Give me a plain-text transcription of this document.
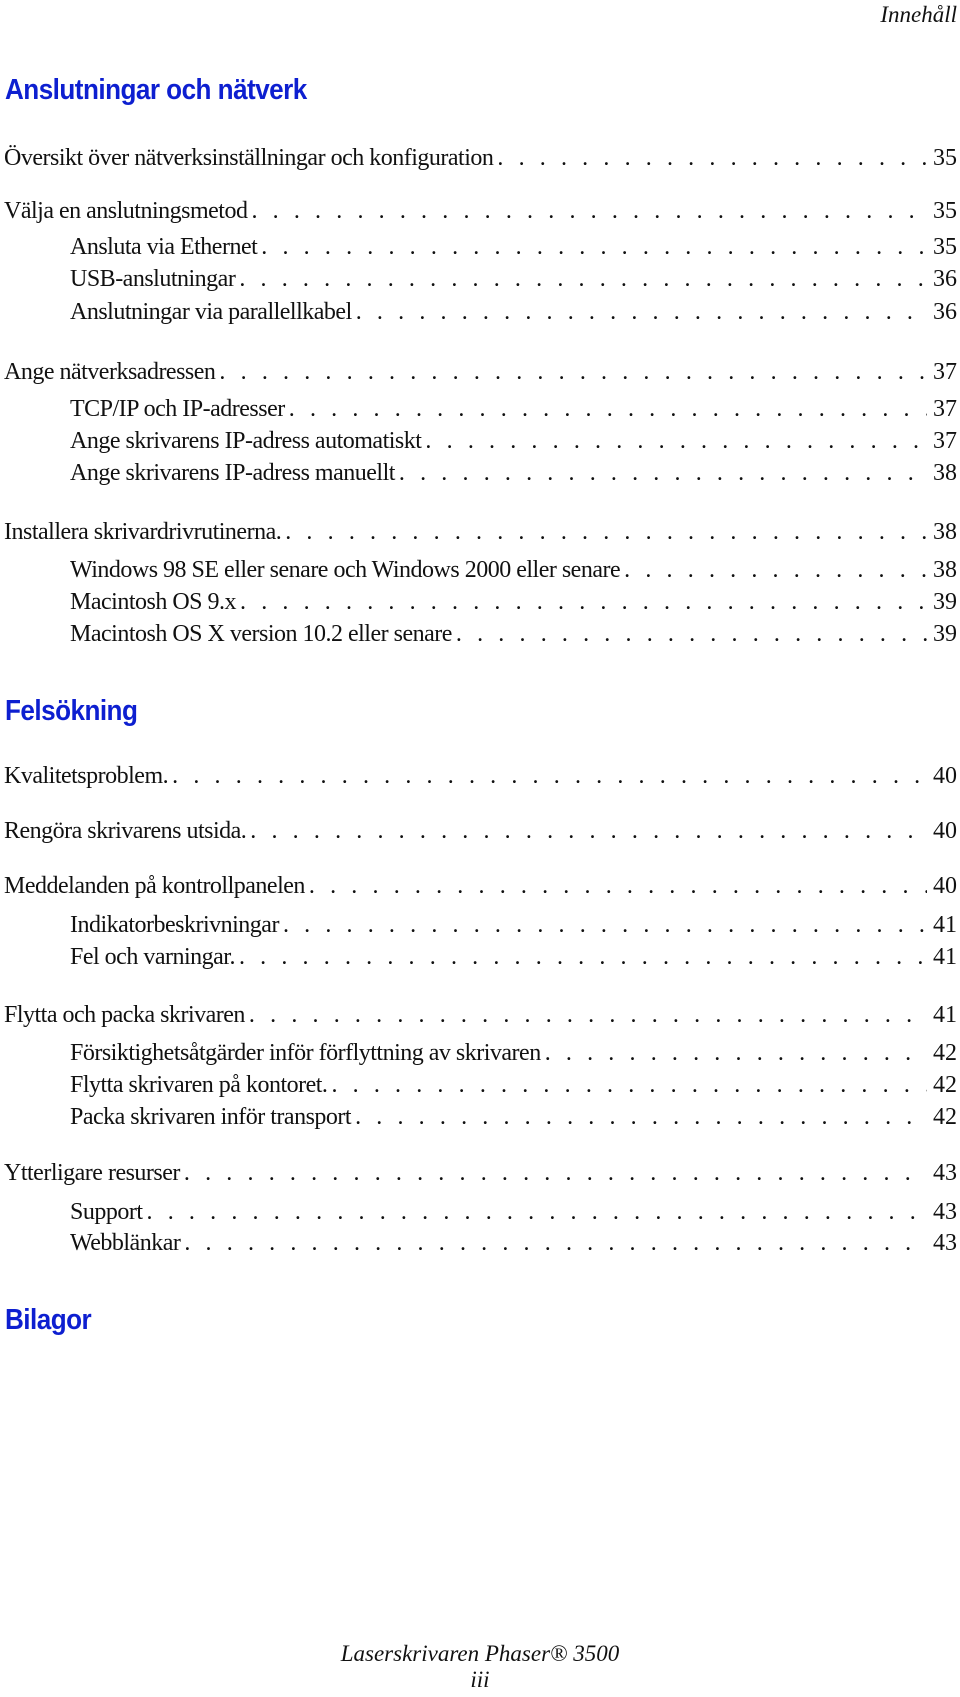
Innehåll
Anslutningar och nätverk
Översikt över nätverksinställningar och konfiguration . . .	35
Välja en anslutningsmetod . . .	35
Ansluta via Ethernet . . .	35
USB-anslutningar . . .	36
Anslutningar via parallellkabel . . .	36
Ange nätverksadressen . . .	37
TCP/IP och IP-adresser . . .	37
Ange skrivarens IP-adress automatiskt . . .	37
Ange skrivarens IP-adress manuellt . . .	38
Installera skrivardrivrutinerna. . . .	38
Windows 98 SE eller senare och Windows 2000 eller senare . . .	38
Macintosh OS 9.x . . .	39
Macintosh OS X version 10.2 eller senare . . .	39
Felsökning
Kvalitetsproblem. . . .	40
Rengöra skrivarens utsida. . . .	40
Meddelanden på kontrollpanelen . . .	40
Indikatorbeskrivningar . . .	41
Fel och varningar. . . .	41
Flytta och packa skrivaren . . .	41
Försiktighetsåtgärder inför förflyttning av skrivaren . . .	42
Flytta skrivaren på kontoret. . . .	42
Packa skrivaren inför transport . . .	42
Ytterligare resurser . . .	43
Support . . .	43
Webblänkar . . .	43
Bilagor
Laserskrivaren Phaser® 3500
iii
